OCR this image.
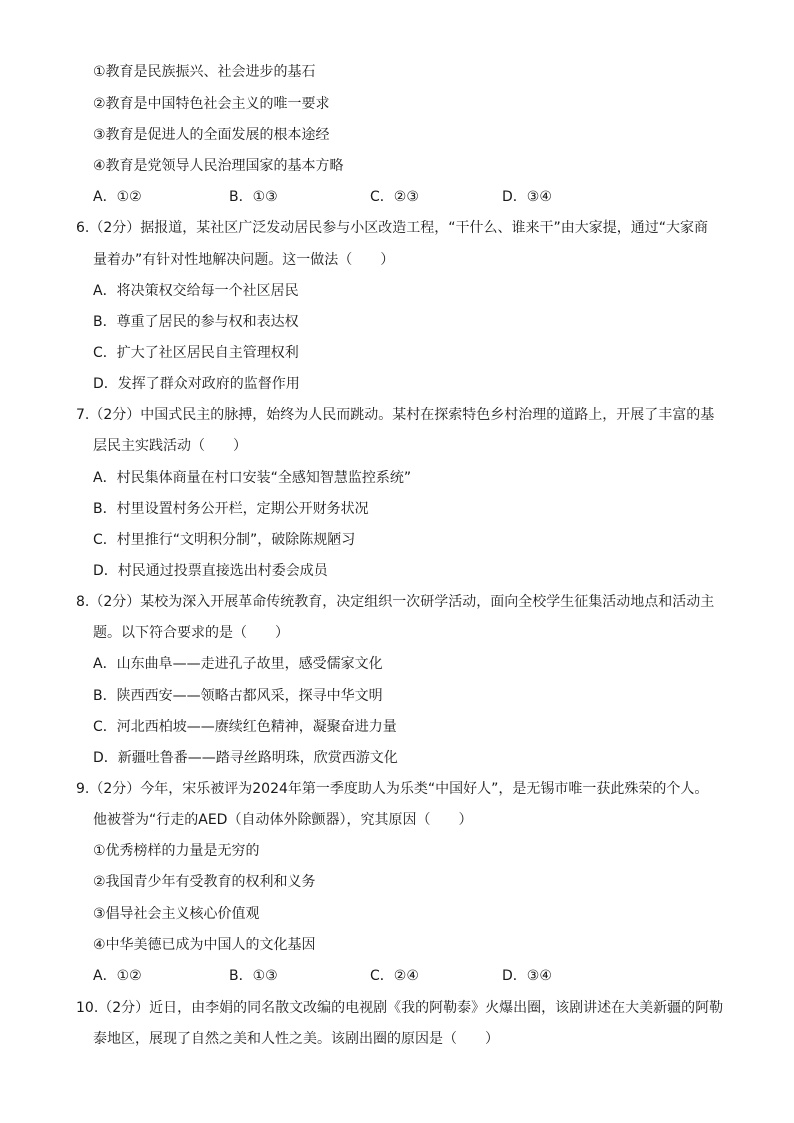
①教育是民族振兴、社会进步的基石
②教育是中国特色社会主义的唯一要求
③教育是促进人的全面发展的根本途经
④教育是党领导人民治理国家的基本方略
A．①②	B．①③	C．②③	D．③④
6.（2分）据报道，某社区广泛发动居民参与小区改造工程，“干什么、谁来干”由大家提，通过“大家商
量着办”有针对性地解决问题。这一做法（　　）
A．将决策权交给每一个社区居民
B．尊重了居民的参与权和表达权
C．扩大了社区居民自主管理权利
D．发挥了群众对政府的监督作用
7.（2分）中国式民主的脉搏，始终为人民而跳动。某村在探索特色乡村治理的道路上，开展了丰富的基
层民主实践活动（　　）
A．村民集体商量在村口安装“全感知智慧监控系统”
B．村里设置村务公开栏，定期公开财务状况
C．村里推行“文明积分制”，破除陈规陋习
D．村民通过投票直接选出村委会成员
8.（2分）某校为深入开展革命传统教育，决定组织一次研学活动，面向全校学生征集活动地点和活动主
题。以下符合要求的是（　　）
A．山东曲阜——走进孔子故里，感受儒家文化
B．陕西西安——领略古都风采，探寻中华文明
C．河北西柏坡——赓续红色精神，凝聚奋进力量
D．新疆吐鲁番——踏寻丝路明珠，欣赏西游文化
9.（2分）今年，宋乐被评为2024年第一季度助人为乐类“中国好人”，是无锡市唯一获此殊荣的个人。
他被誉为“行走的AED（自动体外除颤器），究其原因（　　）
①优秀榜样的力量是无穷的
②我国青少年有受教育的权利和义务
③倡导社会主义核心价值观
④中华美德已成为中国人的文化基因
A．①②	B．①③	C．②④	D．③④
10.（2分）近日，由李娟的同名散文改编的电视剧《我的阿勒泰》火爆出圈，该剧讲述在大美新疆的阿勒
泰地区，展现了自然之美和人性之美。该剧出圈的原因是（　　）
